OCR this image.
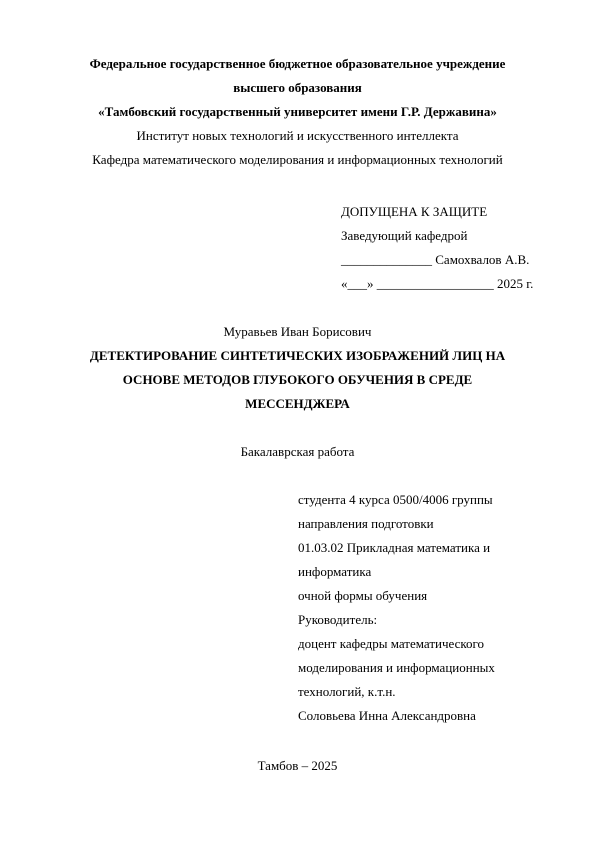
Федеральное государственное бюджетное образовательное учреждение
высшего образования
«Тамбовский государственный университет имени Г.Р. Державина»
Институт новых технологий и искусственного интеллекта
Кафедра математического моделирования и информационных технологий
ДОПУЩЕНА К ЗАЩИТЕ
Заведующий кафедрой
______________ Самохвалов А.В.
«___» __________________ 2025 г.
Муравьев Иван Борисович
ДЕТЕКТИРОВАНИЕ СИНТЕТИЧЕСКИХ ИЗОБРАЖЕНИЙ ЛИЦ НА
ОСНОВЕ МЕТОДОВ ГЛУБОКОГО ОБУЧЕНИЯ В СРЕДЕ
МЕССЕНДЖЕРА
Бакалаврская работа
студента 4 курса 0500/4006 группы
направления подготовки
01.03.02 Прикладная математика и
информатика
очной формы обучения
Руководитель:
доцент кафедры математического
моделирования и информационных
технологий, к.т.н.
Соловьева Инна Александровна
Тамбов – 2025
